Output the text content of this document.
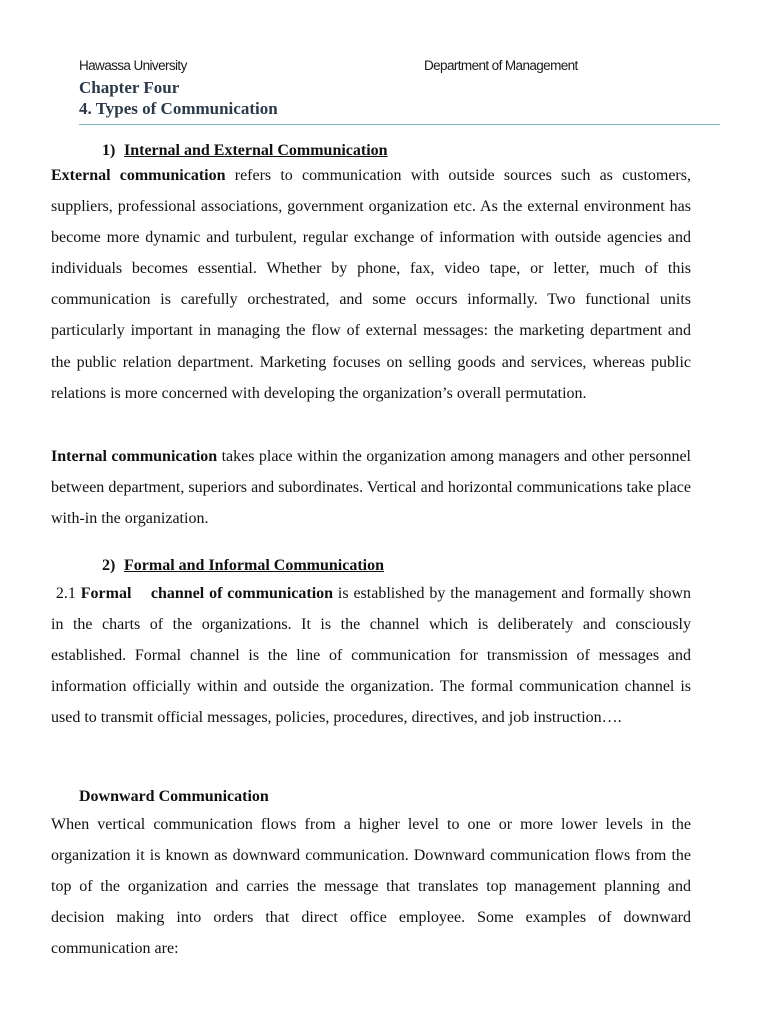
Hawassa University	Department of Management
Chapter Four
4. Types of Communication
1) Internal and External Communication

External communication refers to communication with outside sources such as customers, suppliers, professional associations, government organization etc. As the external environment has become more dynamic and turbulent, regular exchange of information with outside agencies and individuals becomes essential. Whether by phone, fax, video tape, or letter, much of this communication is carefully orchestrated, and some occurs informally. Two functional units particularly important in managing the flow of external messages: the marketing department and the public relation department. Marketing focuses on selling goods and services, whereas public relations is more concerned with developing the organization’s overall permutation.

Internal communication takes place within the organization among managers and other personnel between department, superiors and subordinates. Vertical and horizontal communications take place with-in the organization.

2) Formal and Informal Communication

2.1 Formal    channel of communication is established by the management and formally shown in the charts of the organizations. It is the channel which is deliberately and consciously established. Formal channel is the line of communication for transmission of messages and information officially within and outside the organization. The formal communication channel is used to transmit official messages, policies, procedures, directives, and job instruction….

Downward Communication

When vertical communication flows from a higher level to one or more lower levels in the organization it is known as downward communication. Downward communication flows from the top of the organization and carries the message that translates top management planning and decision making into orders that direct office employee. Some examples of downward communication are:
